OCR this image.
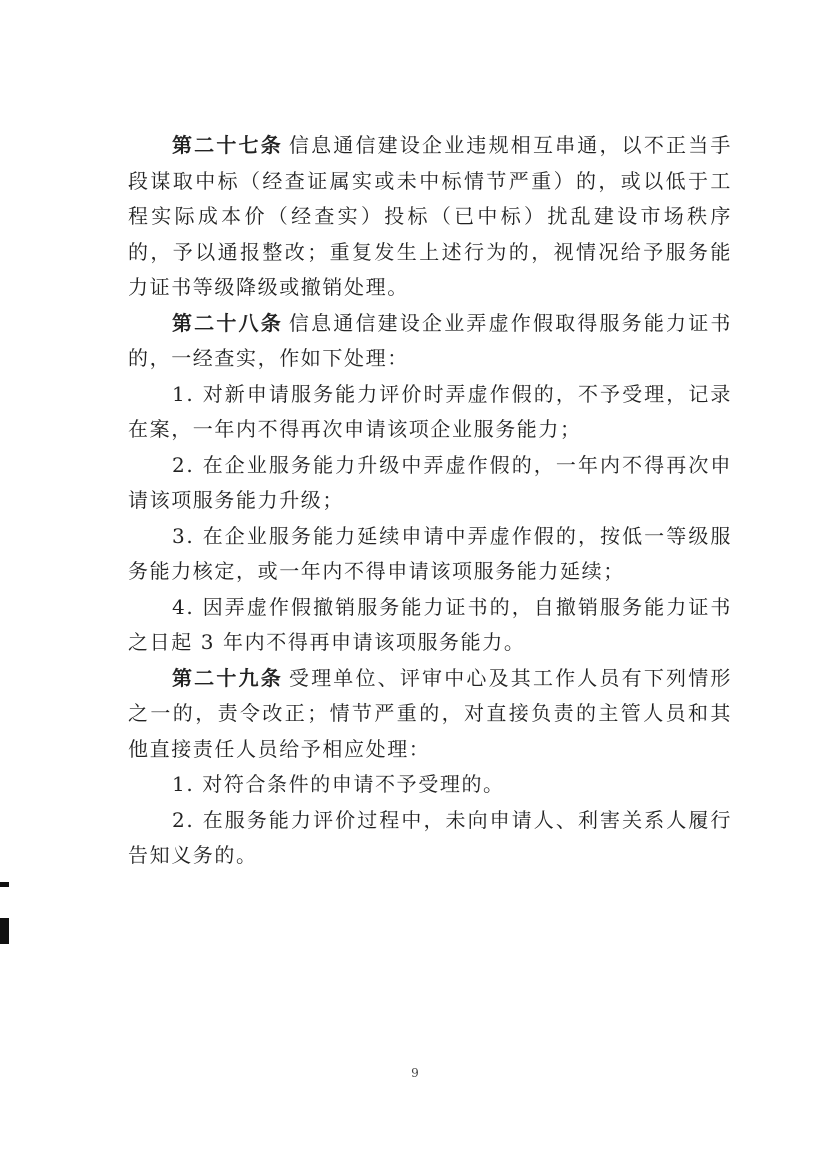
第二十七条 信息通信建设企业违规相互串通，以不正当手段谋取中标（经查证属实或未中标情节严重）的，或以低于工程实际成本价（经查实）投标（已中标）扰乱建设市场秩序的，予以通报整改；重复发生上述行为的，视情况给予服务能力证书等级降级或撤销处理。

第二十八条 信息通信建设企业弄虚作假取得服务能力证书的，一经查实，作如下处理：

1. 对新申请服务能力评价时弄虚作假的，不予受理，记录在案，一年内不得再次申请该项企业服务能力；

2. 在企业服务能力升级中弄虚作假的，一年内不得再次申请该项服务能力升级；

3. 在企业服务能力延续申请中弄虚作假的，按低一等级服务能力核定，或一年内不得申请该项服务能力延续；

4. 因弄虚作假撤销服务能力证书的，自撤销服务能力证书之日起 3 年内不得再申请该项服务能力。

第二十九条 受理单位、评审中心及其工作人员有下列情形之一的，责令改正；情节严重的，对直接负责的主管人员和其他直接责任人员给予相应处理：

1. 对符合条件的申请不予受理的。

2. 在服务能力评价过程中，未向申请人、利害关系人履行告知义务的。

9
